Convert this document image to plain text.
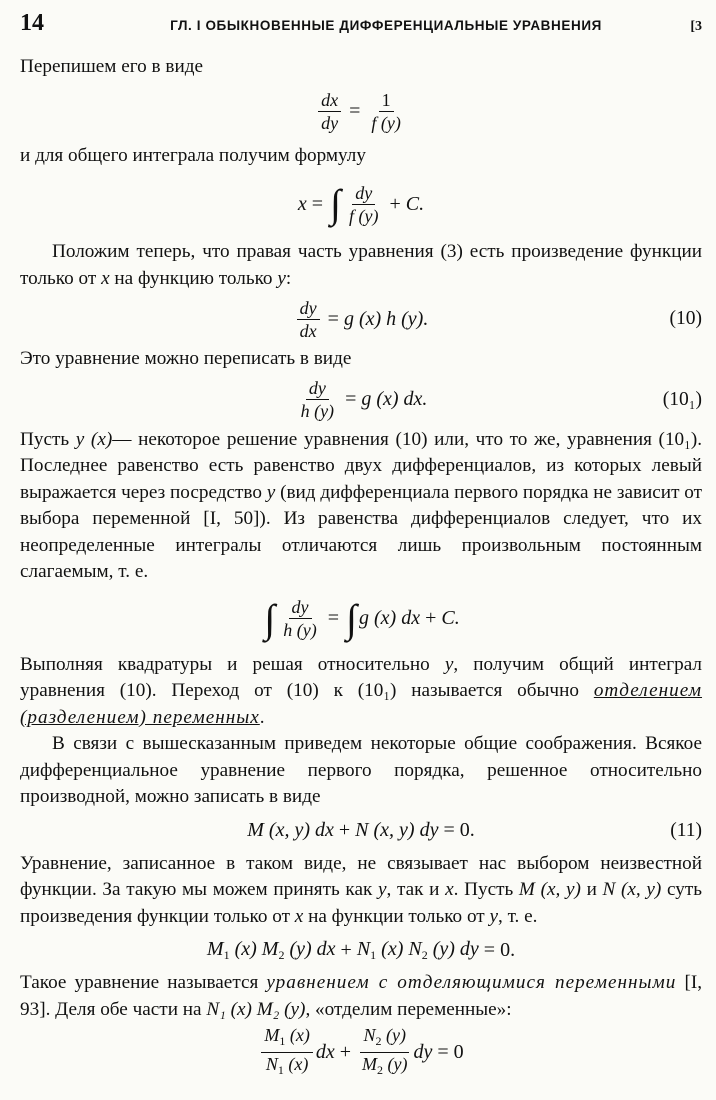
14	ГЛ. I ОБЫКНОВЕННЫЕ ДИФФЕРЕНЦИАЛЬНЫЕ УРАВНЕНИЯ	[3

Перепишем его в виде

$\frac{dx}{dy} = \frac{1}{f (y)}$

и для общего интеграла получим формулу

x = ∫ $\frac{dy}{f (y)} + C$.

Положим теперь, что правая часть уравнения (3) есть произведение функции только от x на функцию только y:

$\frac{dy}{dx} = g$ (x) h (y).	(10)

Это уравнение можно переписать в виде

$\frac{dy}{h (y)} = g$ (x) dx.	(10₁)

Пусть y (x)— некоторое решение уравнения (10) или, что то же, уравнения (10₁). Последнее равенство есть равенство двух дифференциалов, из которых левый выражается через посредство y (вид дифференциала первого порядка не зависит от выбора переменной [I, 50]). Из равенства дифференциалов следует, что их неопределенные интегралы отличаются лишь произвольным постоянным слагаемым, т. е.

∫ $\frac{dy}{h (y)}$ = ∫ g (x) dx + C.

Выполняя квадратуры и решая относительно y, получим общий интеграл уравнения (10). Переход от (10) к (10₁) называется обычно отделением (разделением) переменных.

В связи с вышесказанным приведем некоторые общие соображения. Всякое дифференциальное уравнение первого порядка, решенное относительно производной, можно записать в виде

M (x, y) dx + N (x, y) dy = 0.	(11)

Уравнение, записанное в таком виде, не связывает нас выбором неизвестной функции. За такую мы можем принять как y, так и x. Пусть M (x, y) и N (x, y) суть произведения функции только от x на функции только от y, т. е.

$M_1$ (x) $M_2$ (y) dx + $N_1$ (x) $N_2$ (y) dy = 0.

Такое уравнение называется уравнением с отделяющимися переменными [I, 93]. Деля обе части на N₁ (x) M₂ (y), «отделим переменные»:

$\frac{M_1 (x)}{N_1 (x)}$ dx + $\frac{N_2 (y)}{M_2 (y)}$ dy = 0
